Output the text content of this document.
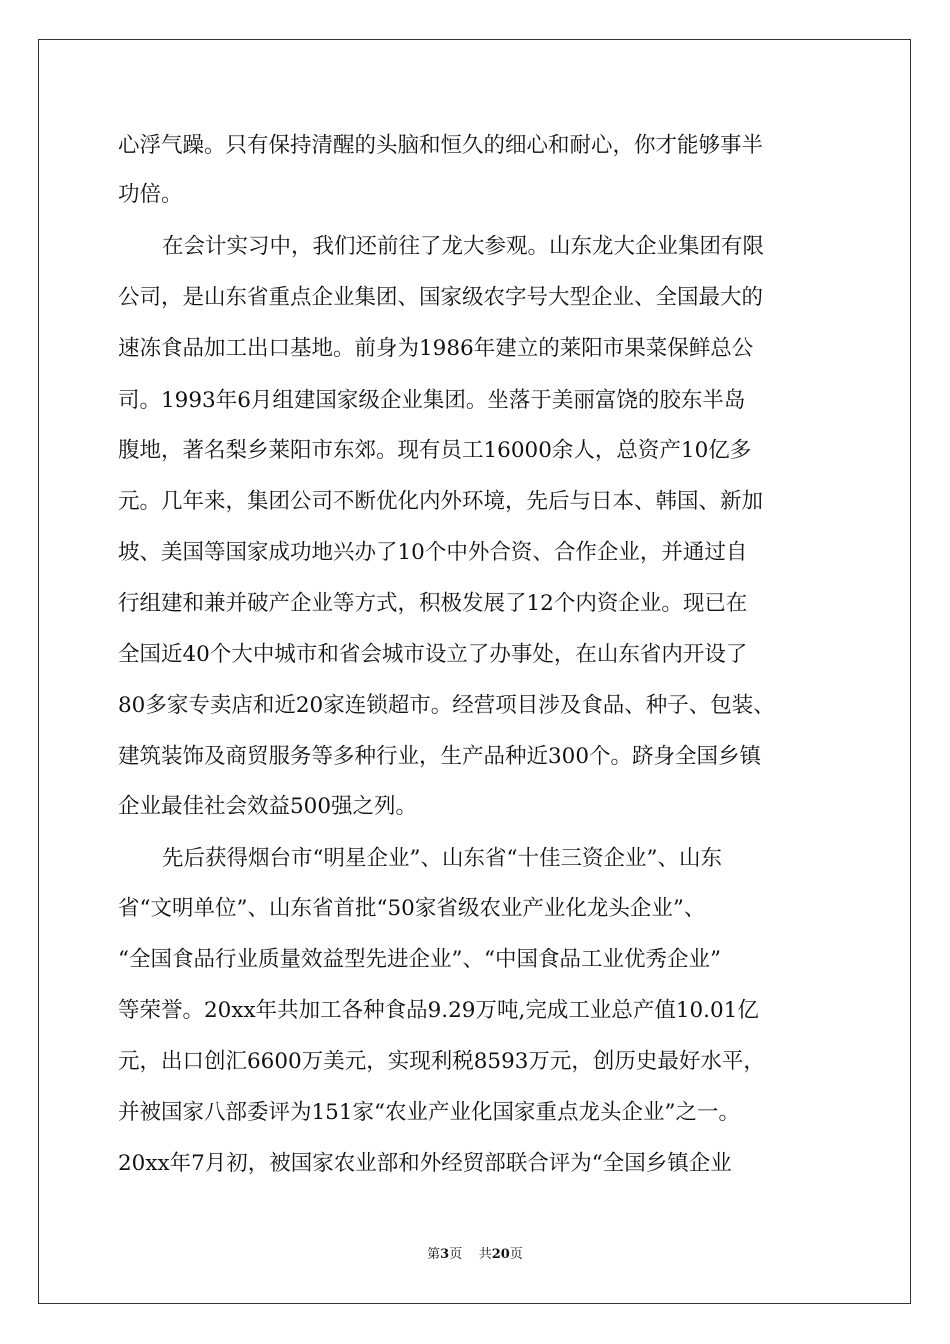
心浮气躁。只有保持清醒的头脑和恒久的细心和耐心，你才能够事半
功倍。
在会计实习中，我们还前往了龙大参观。山东龙大企业集团有限
公司，是山东省重点企业集团、国家级农字号大型企业、全国最大的
速冻食品加工出口基地。前身为1986年建立的莱阳市果菜保鲜总公
司。1993年6月组建国家级企业集团。坐落于美丽富饶的胶东半岛
腹地，著名梨乡莱阳市东郊。现有员工16000余人，总资产10亿多
元。几年来，集团公司不断优化内外环境，先后与日本、韩国、新加
坡、美国等国家成功地兴办了10个中外合资、合作企业，并通过自
行组建和兼并破产企业等方式，积极发展了12个内资企业。现已在
全国近40个大中城市和省会城市设立了办事处，在山东省内开设了
80多家专卖店和近20家连锁超市。经营项目涉及食品、种子、包装、
建筑装饰及商贸服务等多种行业，生产品种近300个。跻身全国乡镇
企业最佳社会效益500强之列。
先后获得烟台市“明星企业”、山东省“十佳三资企业”、山东
省“文明单位”、山东省首批“50家省级农业产业化龙头企业”、
“全国食品行业质量效益型先进企业”、“中国食品工业优秀企业”
等荣誉。20xx年共加工各种食品9.29万吨,完成工业总产值10.01亿
元，出口创汇6600万美元，实现利税8593万元，创历史最好水平，
并被国家八部委评为151家“农业产业化国家重点龙头企业”之一。
20xx年7月初，被国家农业部和外经贸部联合评为“全国乡镇企业
第3页    共20页
